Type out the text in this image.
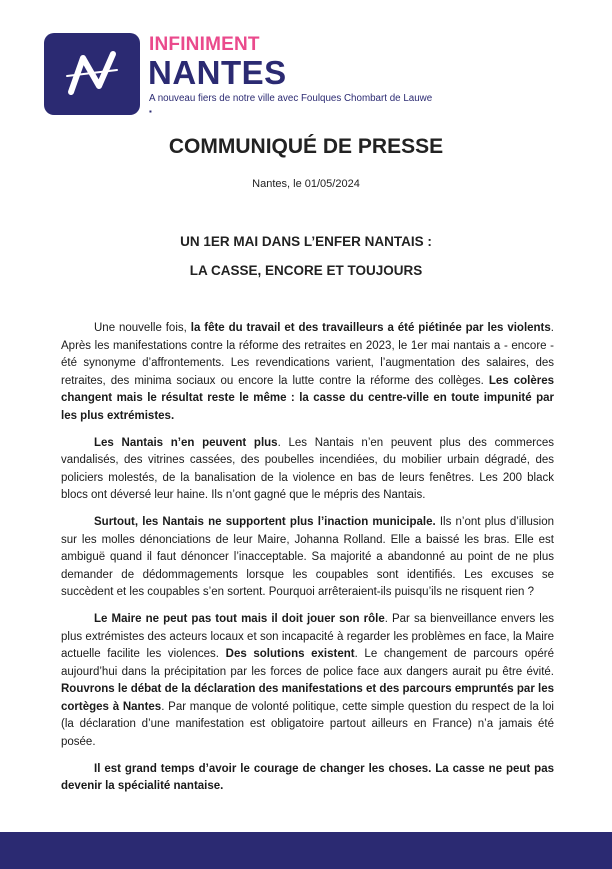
INFINIMENT
NANTES
A nouveau fiers de notre ville avec Foulques Chombart de Lauwe
▪
COMMUNIQUÉ DE PRESSE
Nantes, le 01/05/2024
UN 1ER MAI DANS L’ENFER NANTAIS :
LA CASSE, ENCORE ET TOUJOURS

Une nouvelle fois, la fête du travail et des travailleurs a été piétinée par les violents. Après les manifestations contre la réforme des retraites en 2023, le 1er mai nantais a - encore - été synonyme d’affrontements. Les revendications varient, l’augmentation des salaires, des retraites, des minima sociaux ou encore la lutte contre la réforme des collèges. Les colères changent mais le résultat reste le même : la casse du centre-ville en toute impunité par les plus extrémistes.

Les Nantais n’en peuvent plus. Les Nantais n’en peuvent plus des commerces vandalisés, des vitrines cassées, des poubelles incendiées, du mobilier urbain dégradé, des policiers molestés, de la banalisation de la violence en bas de leurs fenêtres. Les 200 black blocs ont déversé leur haine. Ils n’ont gagné que le mépris des Nantais.

Surtout, les Nantais ne supportent plus l’inaction municipale. Ils n’ont plus d’illusion sur les molles dénonciations de leur Maire, Johanna Rolland. Elle a baissé les bras. Elle est ambiguë quand il faut dénoncer l’inacceptable. Sa majorité a abandonné au point de ne plus demander de dédommagements lorsque les coupables sont identifiés. Les excuses se succèdent et les coupables s’en sortent. Pourquoi arrêteraient-ils puisqu’ils ne risquent rien ?

Le Maire ne peut pas tout mais il doit jouer son rôle. Par sa bienveillance envers les plus extrémistes des acteurs locaux et son incapacité à regarder les problèmes en face, la Maire actuelle facilite les violences. Des solutions existent. Le changement de parcours opéré aujourd’hui dans la précipitation par les forces de police face aux dangers aurait pu être évité. Rouvrons le débat de la déclaration des manifestations et des parcours empruntés par les cortèges à Nantes. Par manque de volonté politique, cette simple question du respect de la loi (la déclaration d’une manifestation est obligatoire partout ailleurs en France) n’a jamais été posée.

Il est grand temps d’avoir le courage de changer les choses. La casse ne peut pas devenir la spécialité nantaise.
